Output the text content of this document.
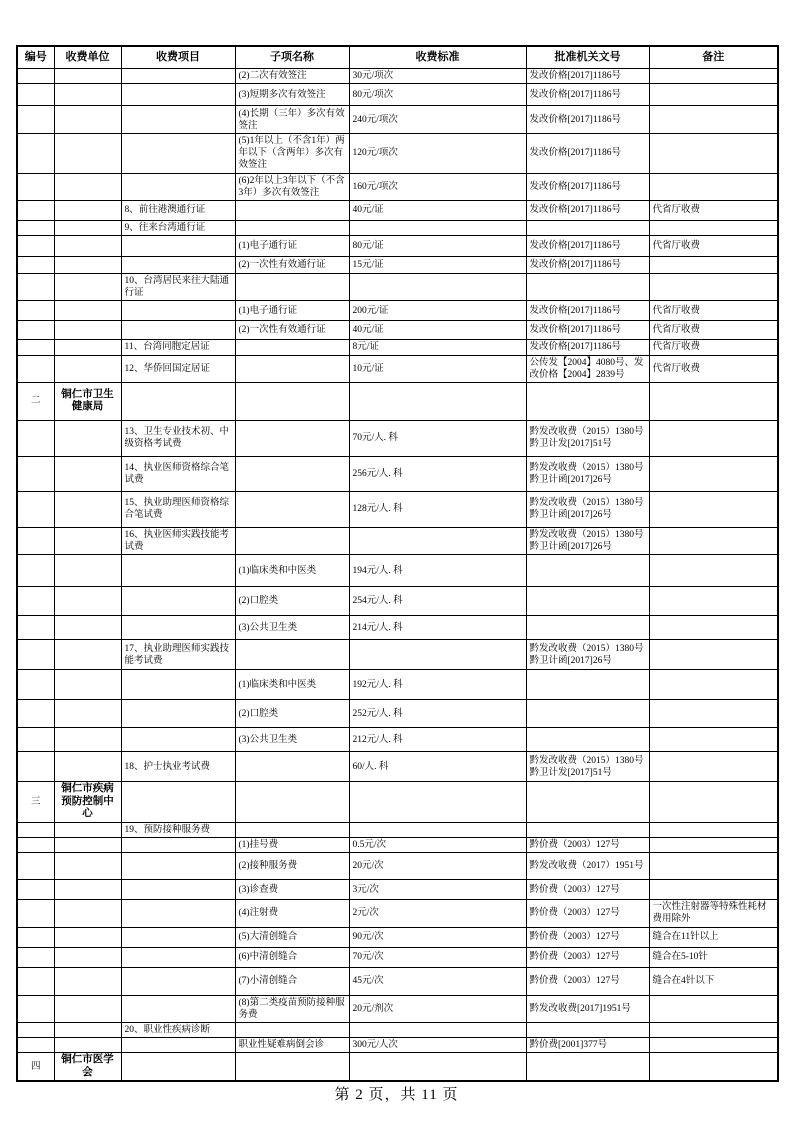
编号	收费单位	收费项目	子项名称	收费标准	批准机关文号	备注
			(2)二次有效签注	30元/项次	发改价格[2017]1186号	
			(3)短期多次有效签注	80元/项次	发改价格[2017]1186号	
			(4)长期（三年）多次有效签注	240元/项次	发改价格[2017]1186号	
			(5)1年以上（不含1年）两年以下（含两年）多次有效签注	120元/项次	发改价格[2017]1186号	
			(6)2年以上3年以下（不含3年）多次有效签注	160元/项次	发改价格[2017]1186号	
		8、前往港澳通行证		40元/证	发改价格[2017]1186号	代省厅收费
		9、往来台湾通行证				
			(1)电子通行证	80元/证	发改价格[2017]1186号	代省厅收费
			(2)一次性有效通行证	15元/证	发改价格[2017]1186号	
		10、台湾居民来往大陆通行证				
			(1)电子通行证	200元/证	发改价格[2017]1186号	代省厅收费
			(2)一次性有效通行证	40元/证	发改价格[2017]1186号	代省厅收费
		11、台湾同胞定居证		8元/证	发改价格[2017]1186号	代省厅收费
		12、华侨回国定居证		10元/证	公传发【2004】4080号、发改价格【2004】2839号	代省厅收费
二	铜仁市卫生健康局					
		13、卫生专业技术初、中级资格考试费		70元/人. 科	黔发改收费（2015）1380号 黔卫计发[2017]51号	
		14、执业医师资格综合笔试费		256元/人. 科	黔发改收费（2015）1380号黔卫计函[2017]26号	
		15、执业助理医师资格综合笔试费		128元/人. 科	黔发改收费（2015）1380号 黔卫计函[2017]26号	
		16、执业医师实践技能考试费			黔发改收费（2015）1380号 黔卫计函[2017]26号	
			(1)临床类和中医类	194元/人. 科		
			(2)口腔类	254元/人. 科		
			(3)公共卫生类	214元/人. 科		
		17、执业助理医师实践技能考试费			黔发改收费（2015）1380号 黔卫计函[2017]26号	
			(1)临床类和中医类	192元/人. 科		
			(2)口腔类	252元/人. 科		
			(3)公共卫生类	212元/人. 科		
		18、护士执业考试费		60/人. 科	黔发改收费（2015）1380号 黔卫计发[2017]51号	
三	铜仁市疾病预防控制中心					
		19、预防接种服务费				
			(1)挂号费	0.5元/次	黔价费（2003）127号	
			(2)接种服务费	20元/次	黔发改收费（2017）1951号	
			(3)诊查费	3元/次	黔价费（2003）127号	
			(4)注射费	2元/次	黔价费（2003）127号	一次性注射器等特殊性耗材费用除外
			(5)大清创缝合	90元/次	黔价费（2003）127号	缝合在11针以上
			(6)中清创缝合	70元/次	黔价费（2003）127号	缝合在5-10针
			(7)小清创缝合	45元/次	黔价费（2003）127号	缝合在4针以下
			(8)第二类疫苗预防接种服务费	20元/剂次	黔发改收费[2017]1951号	
		20、职业性疾病诊断				
			职业性疑难病倒会诊	300元/人次	黔价费[2001]377号	
四	铜仁市医学会					
第 2 页，共 11 页
